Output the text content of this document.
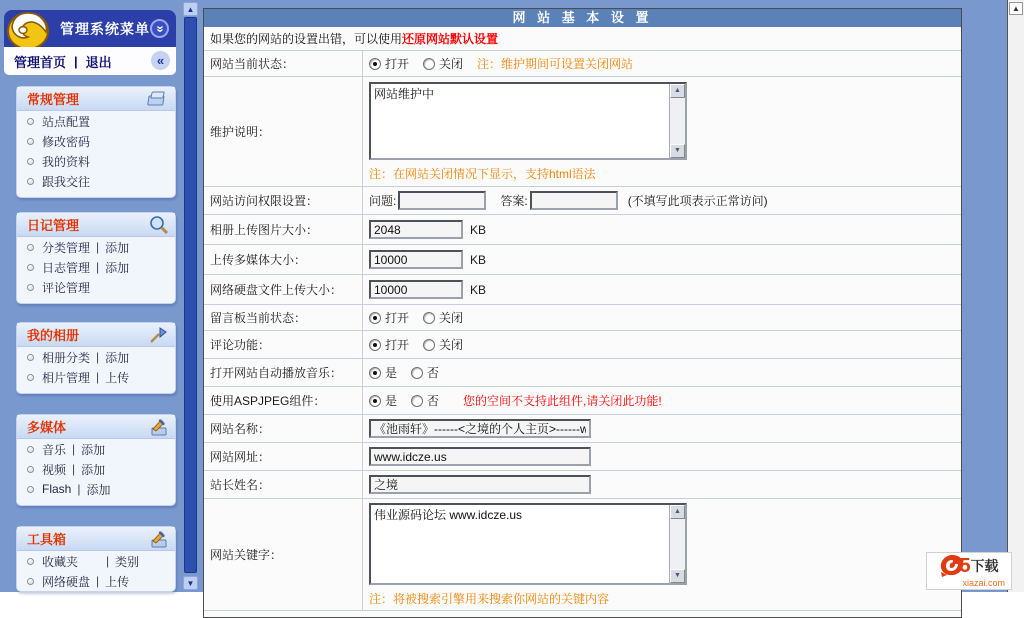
管理系统菜单 «
管理首页 | 退出	«
常规管理
站点配置
修改密码
我的资料
跟我交往
日记管理
分类管理 | 添加
日志管理 | 添加
评论管理
我的相册
相册分类 | 添加
相片管理 | 上传
多媒体
音乐 | 添加
视频 | 添加
Flash | 添加
工具箱
收藏夹	| 类别
网络硬盘 | 上传
▲
▼
网 站 基 本 设 置
如果您的网站的设置出错，可以使用 还原网站默认设置
网站当前状态：	打开	关闭 注：维护期间可设置关闭网站
维护说明：
网站维护中
▲
▼
注：在网站关闭情况下显示，支持html语法
网站访问权限设置：	问题:	答案:	(不填写此项表示正常访问)
相册上传图片大小：
2048	KB
上传多媒体大小：
10000	KB
网络硬盘文件上传大小：
10000	KB
留言板当前状态：	打开	关闭
评论功能：	打开	关闭
打开网站自动播放音乐：	是	否
使用ASPJPEG组件：	是	否 您的空间不支持此组件,请关闭此功能!
网站名称：
《池雨轩》------<之境的个人主页>------w
网站网址：
www.idcze.us
站长姓名：
之境
网站关键字：
伟业源码论坛 www.idcze.us
▲
▼
注：将被搜索引擎用来搜索你网站的关键内容
▲
5 下载
xiazai.com
